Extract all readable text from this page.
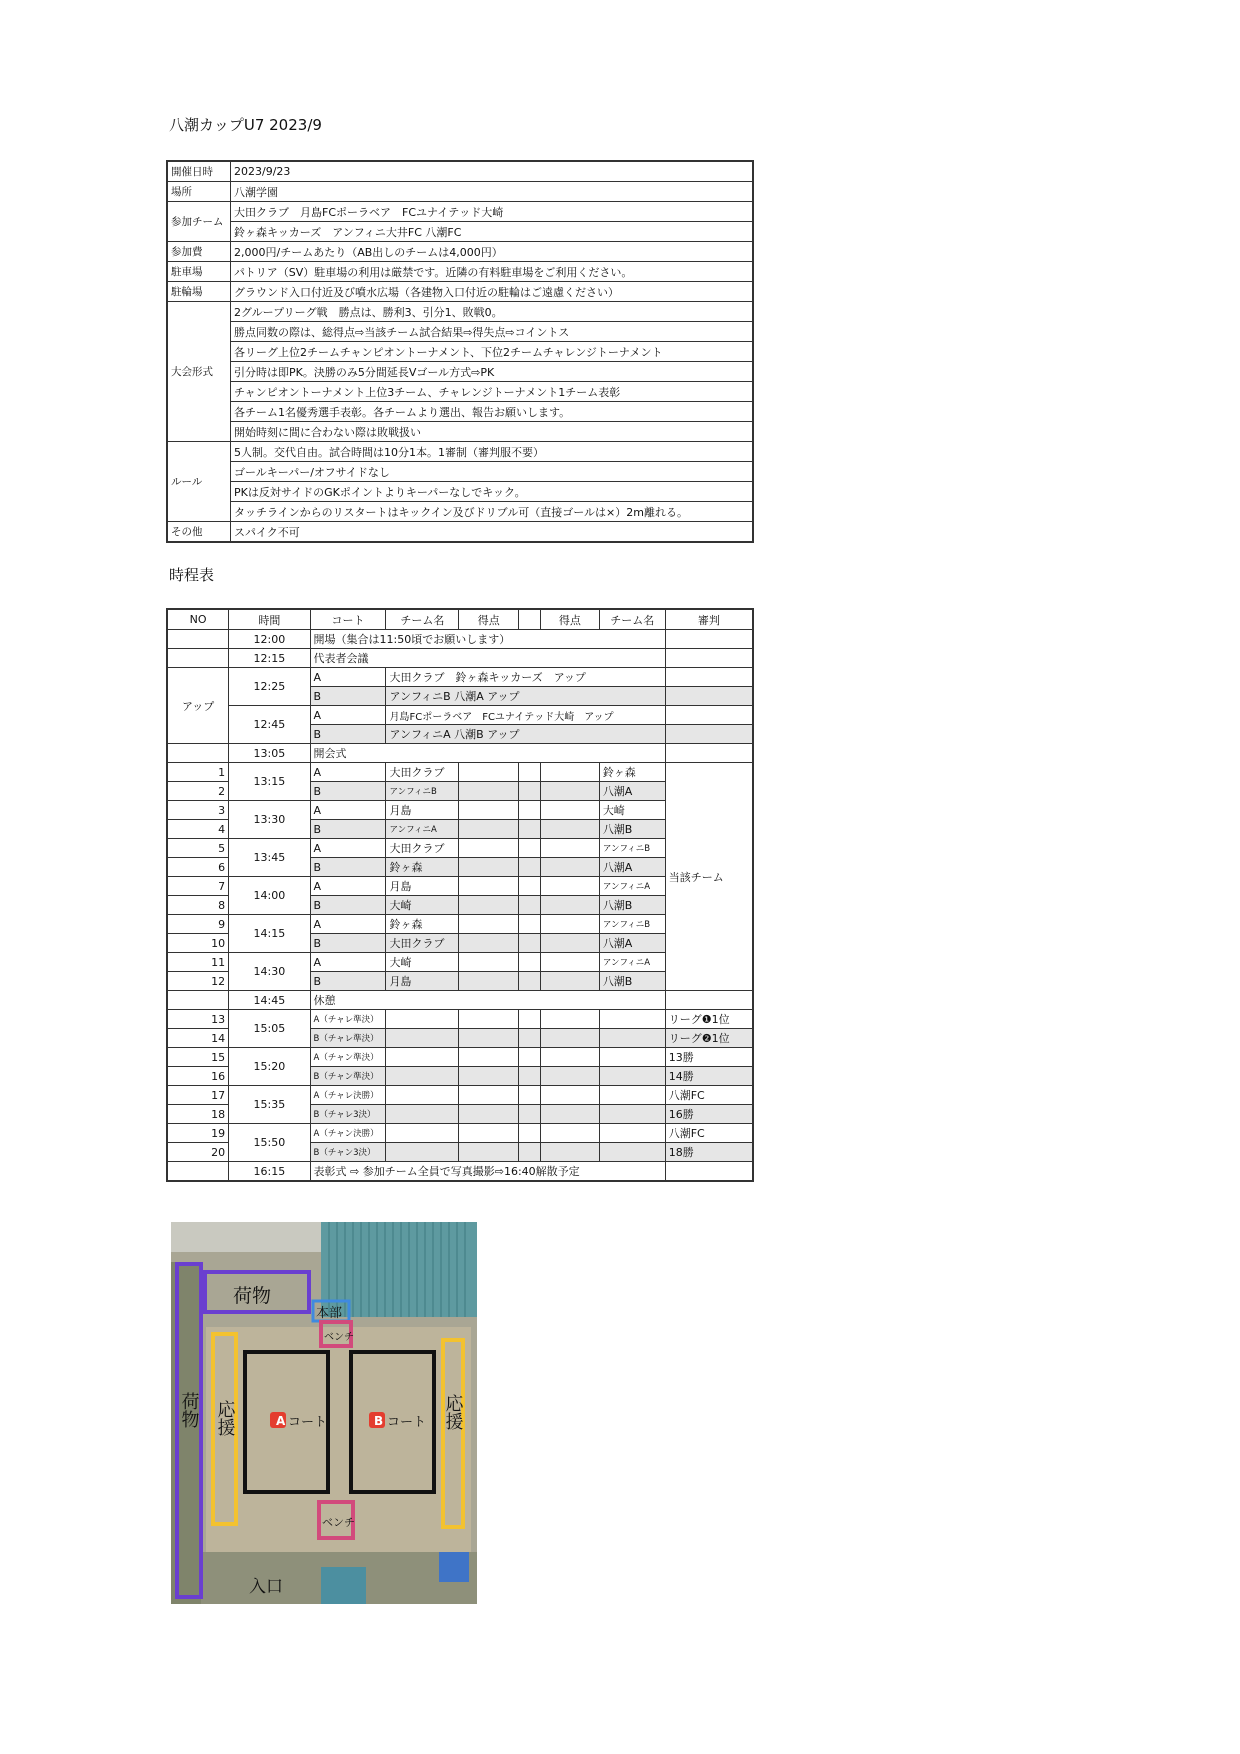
八潮カップU7 2023/9
開催日時	2023/9/23
場所	八潮学園
参加チーム	大田クラブ　月島FCポーラベア　FCユナイテッド大崎
	鈴ヶ森キッカーズ　アンフィニ大井FC 八潮FC
参加費	2,000円/チームあたり（AB出しのチームは4,000円）
駐車場	パトリア（SV）駐車場の利用は厳禁です。近隣の有料駐車場をご利用ください。
駐輪場	グラウンド入口付近及び噴水広場（各建物入口付近の駐輪はご遠慮ください）
大会形式	2グループリーグ戦　勝点は、勝利3、引分1、敗戦0。
	勝点同数の際は、総得点⇨当該チーム試合結果⇨得失点⇨コイントス
	各リーグ上位2チームチャンピオントーナメント、下位2チームチャレンジトーナメント
	引分時は即PK。決勝のみ5分間延長Vゴール方式⇨PK
	チャンピオントーナメント上位3チーム、チャレンジトーナメント1チーム表彰
	各チーム1名優秀選手表彰。各チームより選出、報告お願いします。
	開始時刻に間に合わない際は敗戦扱い
ルール	5人制。交代自由。試合時間は10分1本。1審制（審判服不要）
	ゴールキーパー/オフサイドなし
	PKは反対サイドのGKポイントよりキーパーなしでキック。
	タッチラインからのリスタートはキックイン及びドリブル可（直接ゴールは×）2m離れる。
その他	スパイク不可
時程表
NO	時間	コート	チーム名	得点		得点	チーム名	審判
	12:00	開場（集合は11:50頃でお願いします）						
	12:15	代表者会議						
アップ	12:25	A	大田クラブ　鈴ヶ森キッカーズ　アップ					
		B	アンフィニB 八潮A アップ					
	12:45	A	月島FCポーラベア　FCユナイテッド大崎　アップ					
		B	アンフィニA 八潮B アップ					
	13:05	開会式						
1	13:15	A	大田クラブ				鈴ヶ森	当該チーム
2		B	アンフィニB				八潮A	
3	13:30	A	月島				大崎	
4		B	アンフィニA				八潮B	
5	13:45	A	大田クラブ				アンフィニB	
6		B	鈴ヶ森				八潮A	
7	14:00	A	月島				アンフィニA	
8		B	大崎				八潮B	
9	14:15	A	鈴ヶ森				アンフィニB	
10		B	大田クラブ				八潮A	
11	14:30	A	大崎				アンフィニA	
12		B	月島				八潮B	
	14:45	休憩						
13	15:05	A（チャレ準決）						リーグ❶1位
14		B（チャレ準決）						リーグ❷1位
15	15:20	A（チャン準決）						13勝
16		B（チャン準決）						14勝
17	15:35	A（チャレ決勝）						八潮FC
18		B（チャレ3決）						16勝
19	15:50	A（チャン決勝）						八潮FC
20		B（チャン3決）						18勝
	16:15	表彰式 ⇨ 参加チーム全員で写真撮影⇨16:40解散予定						
荷物
本部
ベンチ
ベンチ
A コート	B コート
入口
荷物 応援	応援
